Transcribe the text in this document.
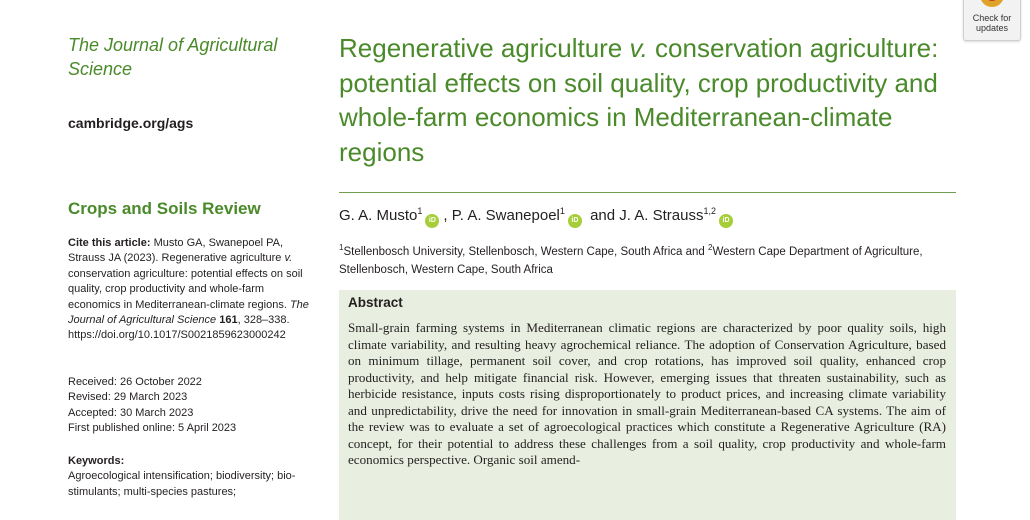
The Journal of Agricultural Science
cambridge.org/ags
Crops and Soils Review
Cite this article: Musto GA, Swanepoel PA, Strauss JA (2023). Regenerative agriculture v. conservation agriculture: potential effects on soil quality, crop productivity and whole-farm economics in Mediterranean-climate regions. The Journal of Agricultural Science 161, 328–338. https://doi.org/10.1017/S0021859623000242
Received: 26 October 2022
Revised: 29 March 2023
Accepted: 30 March 2023
First published online: 5 April 2023
Keywords:
Agroecological intensification; biodiversity; bio-stimulants; multi-species pastures;
Regenerative agriculture v. conservation agriculture: potential effects on soil quality, crop productivity and whole-farm economics in Mediterranean-climate regions
G. A. Musto$^1$iD , P. A. Swanepoel$^1$iD and J. A. Strauss$^{1,2}$iD
$^1$Stellenbosch University, Stellenbosch, Western Cape, South Africa and $^2$Western Cape Department of Agriculture, Stellenbosch, Western Cape, South Africa
Abstract
Small-grain farming systems in Mediterranean climatic regions are characterized by poor quality soils, high climate variability, and resulting heavy agrochemical reliance. The adoption of Conservation Agriculture, based on minimum tillage, permanent soil cover, and crop rotations, has improved soil quality, enhanced crop productivity, and help mitigate financial risk. However, emerging issues that threaten sustainability, such as herbicide resistance, inputs costs rising disproportionately to product prices, and increasing climate variability and unpredictability, drive the need for innovation in small-grain Mediterranean-based CA systems. The aim of the review was to evaluate a set of agroecological practices which constitute a Regenerative Agriculture (RA) concept, for their potential to address these challenges from a soil quality, crop productivity and whole-farm economics perspective. Organic soil amend-
Check for updates
